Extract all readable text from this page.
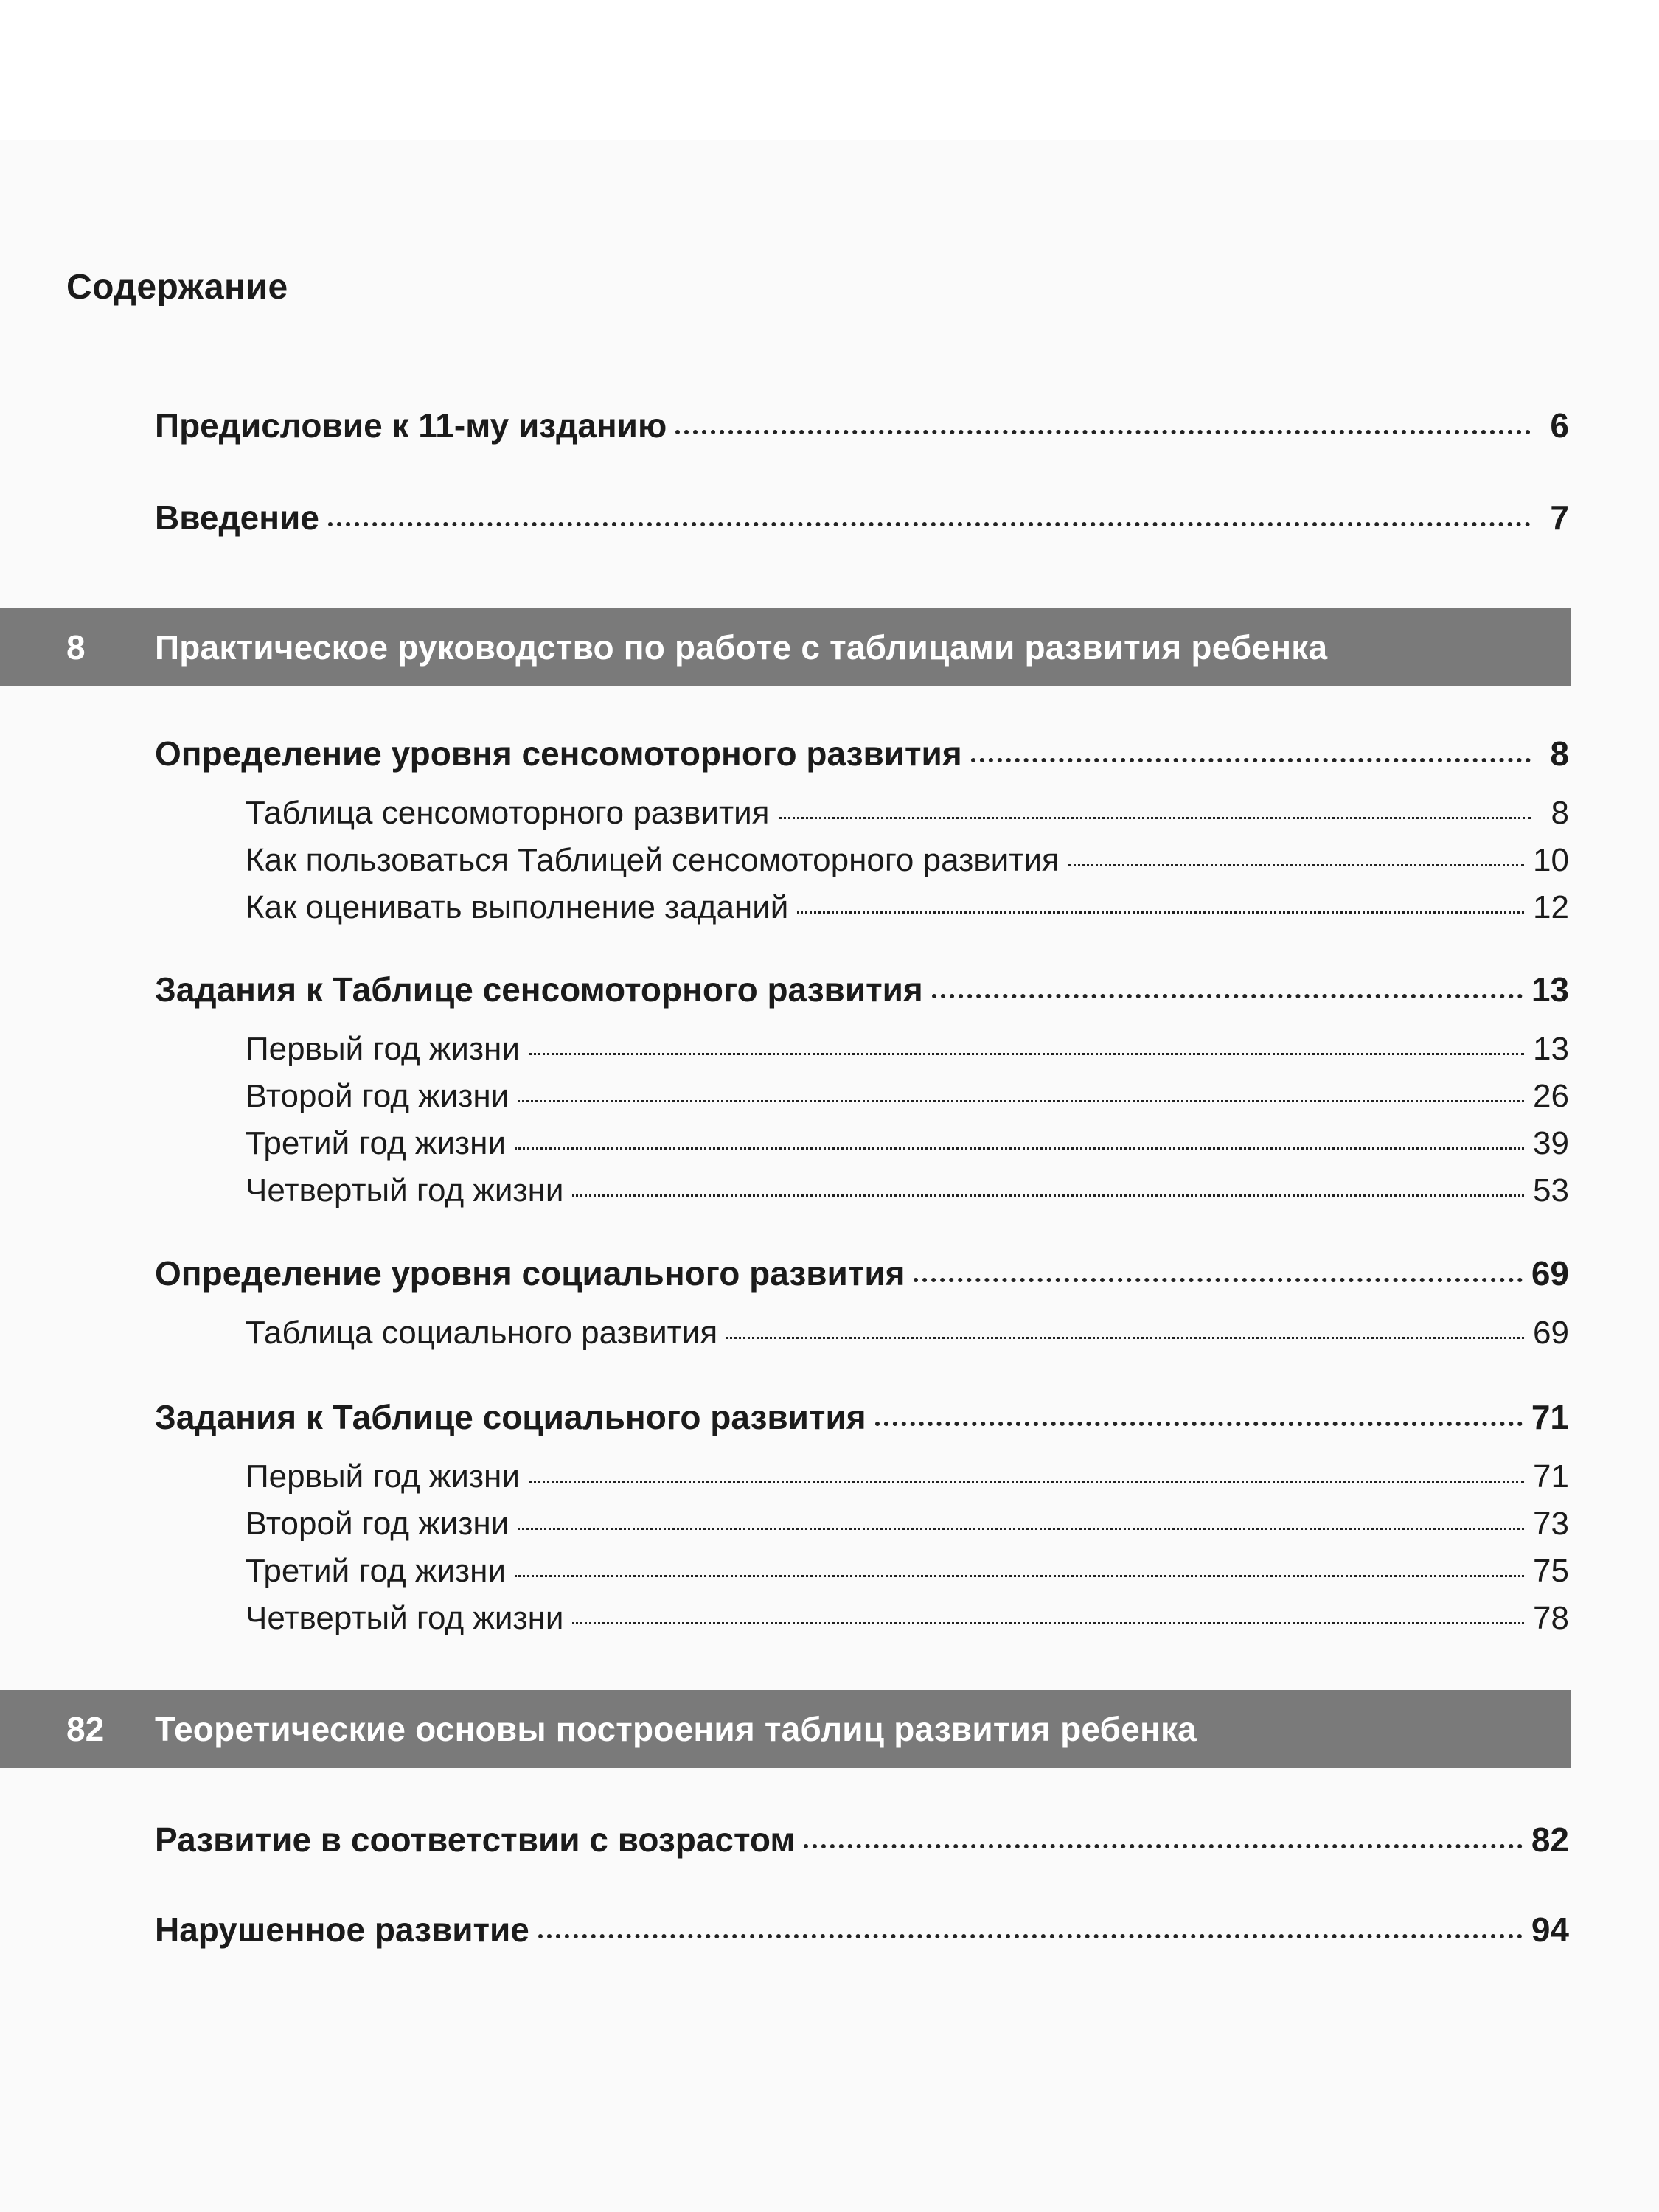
Содержание
Предисловие к 11-му изданию	6
Введение	7
8	Практическое руководство по работе с таблицами развития ребенка
Определение уровня сенсомоторного развития	8
Таблица сенсомоторного развития	8
Как пользоваться Таблицей сенсомоторного развития	10
Как оценивать выполнение заданий	12
Задания к Таблице сенсомоторного развития	13
Первый год жизни	13
Второй год жизни	26
Третий год жизни	39
Четвертый год жизни	53
Определение уровня социального развития	69
Таблица социального развития	69
Задания к Таблице социального развития	71
Первый год жизни	71
Второй год жизни	73
Третий год жизни	75
Четвертый год жизни	78
82	Теоретические основы построения таблиц развития ребенка
Развитие в соответствии с возрастом	82
Нарушенное развитие	94
